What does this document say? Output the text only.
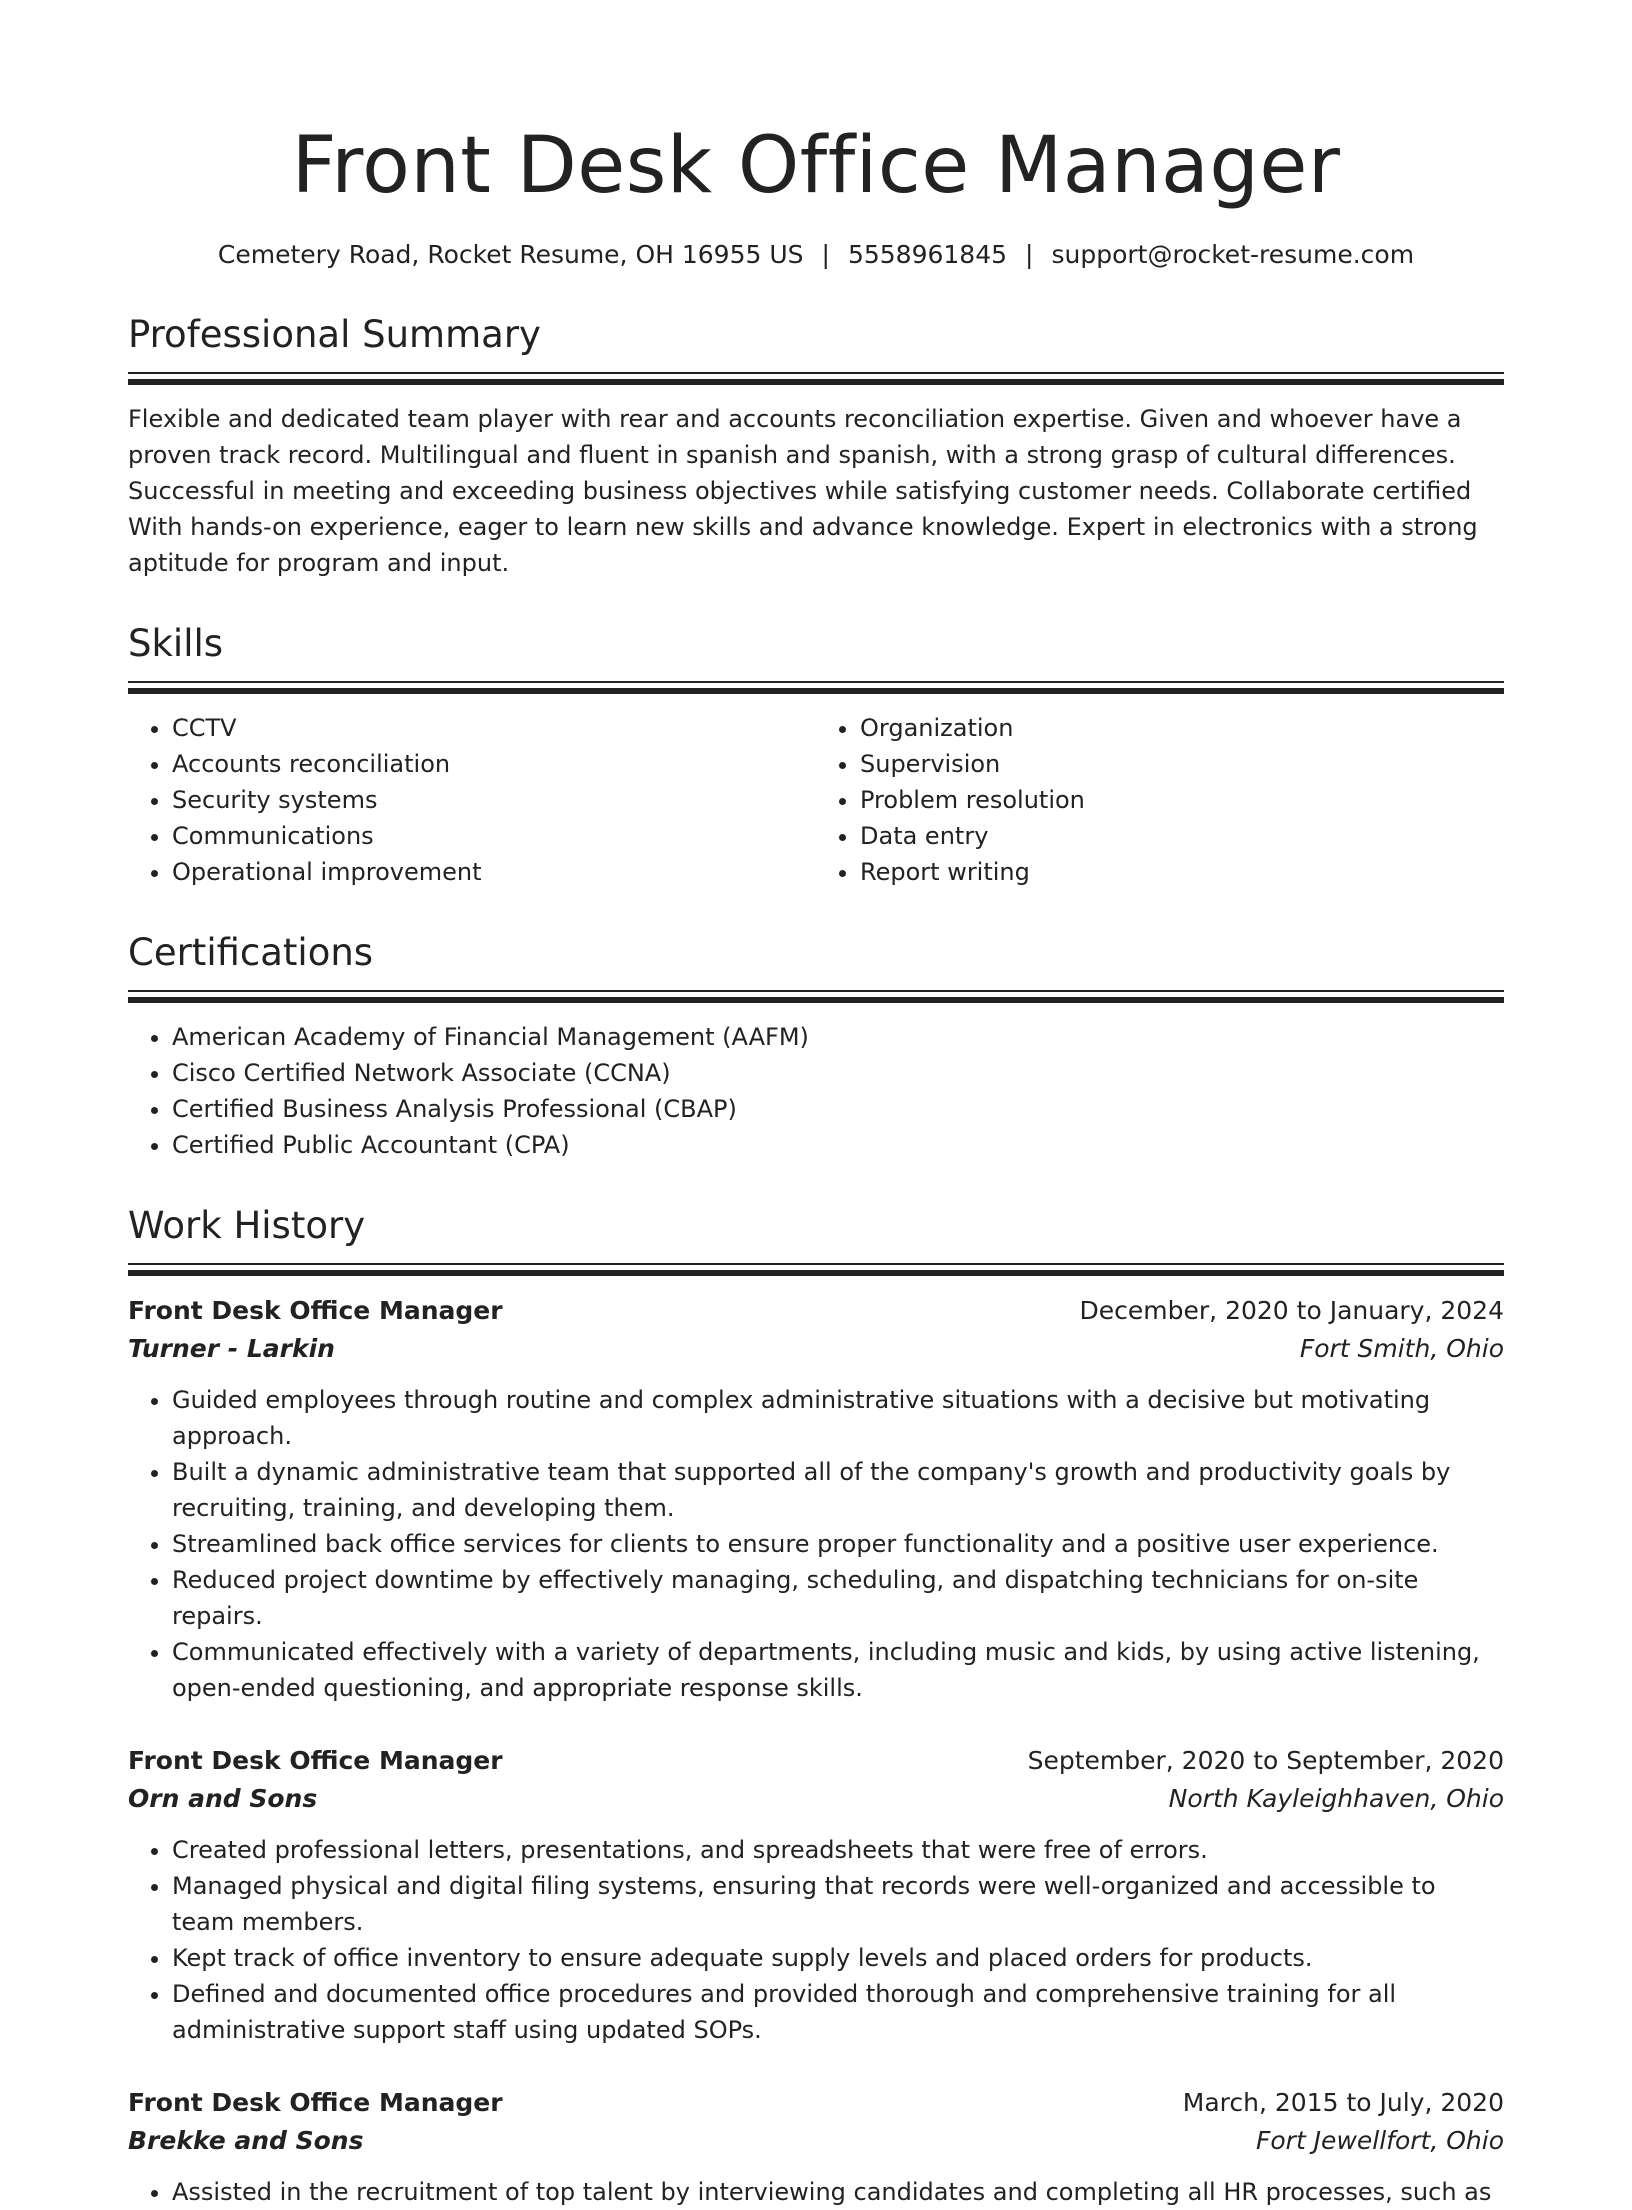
Front Desk Office Manager
Cemetery Road, Rocket Resume, OH 16955 US | 5558961845 | support@rocket-resume.com
Professional Summary
Flexible and dedicated team player with rear and accounts reconciliation expertise. Given and whoever have a proven track record. Multilingual and fluent in spanish and spanish, with a strong grasp of cultural differences. Successful in meeting and exceeding business objectives while satisfying customer needs. Collaborate certified With hands-on experience, eager to learn new skills and advance knowledge. Expert in electronics with a strong aptitude for program and input.
Skills
• CCTV
• Accounts reconciliation
• Security systems
• Communications
• Operational improvement
• Organization
• Supervision
• Problem resolution
• Data entry
• Report writing
Certifications
• American Academy of Financial Management (AAFM)
• Cisco Certified Network Associate (CCNA)
• Certified Business Analysis Professional (CBAP)
• Certified Public Accountant (CPA)
Work History
Front Desk Office Manager	December, 2020 to January, 2024
Turner - Larkin	Fort Smith, Ohio
• Guided employees through routine and complex administrative situations with a decisive but motivating approach.
• Built a dynamic administrative team that supported all of the company's growth and productivity goals by recruiting, training, and developing them.
• Streamlined back office services for clients to ensure proper functionality and a positive user experience.
• Reduced project downtime by effectively managing, scheduling, and dispatching technicians for on-site repairs.
• Communicated effectively with a variety of departments, including music and kids, by using active listening, open-ended questioning, and appropriate response skills.
Front Desk Office Manager	September, 2020 to September, 2020
Orn and Sons	North Kayleighhaven, Ohio
• Created professional letters, presentations, and spreadsheets that were free of errors.
• Managed physical and digital filing systems, ensuring that records were well-organized and accessible to team members.
• Kept track of office inventory to ensure adequate supply levels and placed orders for products.
• Defined and documented office procedures and provided thorough and comprehensive training for all administrative support staff using updated SOPs.
Front Desk Office Manager	March, 2015 to July, 2020
Brekke and Sons	Fort Jewellfort, Ohio
• Assisted in the recruitment of top talent by interviewing candidates and completing all HR processes, such as
